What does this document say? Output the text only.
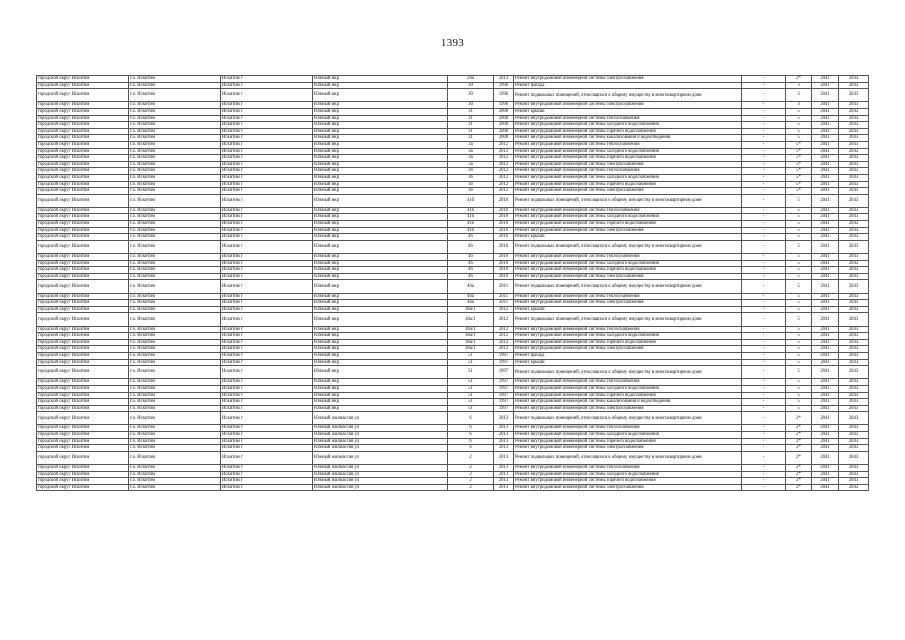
1393
городской округ Искитим	г.о. Искитим	Искитим г	Южный мкр	28а	2013	Ремонт внутридомовой инженерной системы электроснабжения	-	2*	2041	2043
городской округ Искитим	г.о. Искитим	Искитим г	Южный мкр	30	1996	Ремонт фасада	-	3	2041	2043
городской округ Искитим	г.о. Искитим	Искитим г	Южный мкр	30	1996	Ремонт подвальных помещений, относящихся к общему имуществу в многоквартирном доме	-	3	2041	2043
городской округ Искитим	г.о. Искитим	Искитим г	Южный мкр	30	1996	Ремонт внутридомовой инженерной системы электроснабжения	-	3	2041	2043
городской округ Искитим	г.о. Искитим	Искитим г	Южный мкр	31	2000	Ремонт крыши	-	5	2041	2043
городской округ Искитим	г.о. Искитим	Искитим г	Южный мкр	31	2000	Ремонт внутридомовой инженерной системы теплоснабжения	-	5	2041	2043
городской округ Искитим	г.о. Искитим	Искитим г	Южный мкр	31	2000	Ремонт внутридомовой инженерной системы холодного водоснабжения	-	5	2041	2043
городской округ Искитим	г.о. Искитим	Искитим г	Южный мкр	31	2000	Ремонт внутридомовой инженерной системы горячего водоснабжения	-	5	2041	2043
городской округ Искитим	г.о. Искитим	Искитим г	Южный мкр	31	2000	Ремонт внутридомовой инженерной системы канализования и водоотведения	-	5	2041	2043
городской округ Искитим	г.о. Искитим	Искитим г	Южный мкр	3а	2012	Ремонт внутридомовой инженерной системы теплоснабжения	-	5*	2041	2043
городской округ Искитим	г.о. Искитим	Искитим г	Южный мкр	3а	2012	Ремонт внутридомовой инженерной системы холодного водоснабжения	-	5*	2041	2043
городской округ Искитим	г.о. Искитим	Искитим г	Южный мкр	3а	2012	Ремонт внутридомовой инженерной системы горячего водоснабжения	-	5*	2041	2043
городской округ Искитим	г.о. Искитим	Искитим г	Южный мкр	3а	2012	Ремонт внутридомовой инженерной системы электроснабжения	-	5*	2041	2043
городской округ Искитим	г.о. Искитим	Искитим г	Южный мкр	3б	2012	Ремонт внутридомовой инженерной системы теплоснабжения	-	5*	2041	2043
городской округ Искитим	г.о. Искитим	Искитим г	Южный мкр	3б	2012	Ремонт внутридомовой инженерной системы холодного водоснабжения	-	5*	2041	2043
городской округ Искитим	г.о. Искитим	Искитим г	Южный мкр	3б	2012	Ремонт внутридомовой инженерной системы горячего водоснабжения	-	5*	2041	2043
городской округ Искитим	г.о. Искитим	Искитим г	Южный мкр	3б	2012	Ремонт внутридомовой инженерной системы электроснабжения	-	5*	2041	2043
городской округ Искитим	г.о. Искитим	Искитим г	Южный мкр	41б	2010	Ремонт подвальных помещений, относящихся к общему имуществу в многоквартирном доме	-	5	2041	2043
городской округ Искитим	г.о. Искитим	Искитим г	Южный мкр	41б	2010	Ремонт внутридомовой инженерной системы теплоснабжения	-	5	2041	2043
городской округ Искитим	г.о. Искитим	Искитим г	Южный мкр	41б	2010	Ремонт внутридомовой инженерной системы холодного водоснабжения	-	5	2041	2043
городской округ Искитим	г.о. Искитим	Искитим г	Южный мкр	41б	2010	Ремонт внутридомовой инженерной системы горячего водоснабжения	-	5	2041	2043
городской округ Искитим	г.о. Искитим	Искитим г	Южный мкр	41б	2010	Ремонт внутридомовой инженерной системы электроснабжения	-	5	2041	2043
городской округ Искитим	г.о. Искитим	Искитим г	Южный мкр	46	2010	Ремонт крыши	-	5	2041	2043
городской округ Искитим	г.о. Искитим	Искитим г	Южный мкр	46	2010	Ремонт подвальных помещений, относящихся к общему имуществу в многоквартирном доме	-	5	2041	2043
городской округ Искитим	г.о. Искитим	Искитим г	Южный мкр	46	2010	Ремонт внутридомовой инженерной системы теплоснабжения	-	5	2041	2043
городской округ Искитим	г.о. Искитим	Искитим г	Южный мкр	46	2010	Ремонт внутридомовой инженерной системы холодного водоснабжения	-	5	2041	2043
городской округ Искитим	г.о. Искитим	Искитим г	Южный мкр	46	2010	Ремонт внутридомовой инженерной системы горячего водоснабжения	-	5	2041	2043
городской округ Искитим	г.о. Искитим	Искитим г	Южный мкр	46	2010	Ремонт внутридомовой инженерной системы электроснабжения	-	5	2041	2043
городской округ Искитим	г.о. Искитим	Искитим г	Южный мкр	46а	2011	Ремонт подвальных помещений, относящихся к общему имуществу в многоквартирном доме	-	5	2041	2043
городской округ Искитим	г.о. Искитим	Искитим г	Южный мкр	46а	2011	Ремонт внутридомовой инженерной системы теплоснабжения	-	5	2041	2043
городской округ Искитим	г.о. Искитим	Искитим г	Южный мкр	46а	2011	Ремонт внутридомовой инженерной системы электроснабжения	-	5	2041	2043
городской округ Искитим	г.о. Искитим	Искитим г	Южный мкр	46а/1	2012	Ремонт крыши	-	5	2041	2043
городской округ Искитим	г.о. Искитим	Искитим г	Южный мкр	46а/1	2012	Ремонт подвальных помещений, относящихся к общему имуществу в многоквартирном доме	-	5	2041	2043
городской округ Искитим	г.о. Искитим	Искитим г	Южный мкр	46а/1	2012	Ремонт внутридомовой инженерной системы теплоснабжения	-	5	2041	2043
городской округ Искитим	г.о. Искитим	Искитим г	Южный мкр	46а/1	2012	Ремонт внутридомовой инженерной системы холодного водоснабжения	-	5	2041	2043
городской округ Искитим	г.о. Искитим	Искитим г	Южный мкр	46а/1	2012	Ремонт внутридомовой инженерной системы горячего водоснабжения	-	5	2041	2043
городской округ Искитим	г.о. Искитим	Искитим г	Южный мкр	46а/1	2012	Ремонт внутридомовой инженерной системы электроснабжения	-	5	2041	2043
городской округ Искитим	г.о. Искитим	Искитим г	Южный мкр	51	1997	Ремонт фасада	-	5	2041	2043
городской округ Искитим	г.о. Искитим	Искитим г	Южный мкр	51	1997	Ремонт крыши	-	5	2041	2043
городской округ Искитим	г.о. Искитим	Искитим г	Южный мкр	51	1997	Ремонт подвальных помещений, относящихся к общему имуществу в многоквартирном доме	-	5	2041	2043
городской округ Искитим	г.о. Искитим	Искитим г	Южный мкр	51	1997	Ремонт внутридомовой инженерной системы теплоснабжения	-	5	2041	2043
городской округ Искитим	г.о. Искитим	Искитим г	Южный мкр	51	1997	Ремонт внутридомовой инженерной системы холодного водоснабжения	-	5	2041	2043
городской округ Искитим	г.о. Искитим	Искитим г	Южный мкр	51	1997	Ремонт внутридомовой инженерной системы горячего водоснабжения	-	5	2041	2043
городской округ Искитим	г.о. Искитим	Искитим г	Южный мкр	51	1997	Ремонт внутридомовой инженерной системы канализования и водоотведения	-	5	2041	2043
городской округ Искитим	г.о. Искитим	Искитим г	Южный мкр	51	1997	Ремонт внутридомовой инженерной системы электроснабжения	-	5	2041	2043
городской округ Искитим	г.о. Искитим	Искитим г	Южный жилмассив ул	6	2013	Ремонт подвальных помещений, относящихся к общему имуществу в многоквартирном доме	-	2*	2041	2043
городской округ Искитим	г.о. Искитим	Искитим г	Южный жилмассив ул	6	2013	Ремонт внутридомовой инженерной системы теплоснабжения	-	2*	2041	2043
городской округ Искитим	г.о. Искитим	Искитим г	Южный жилмассив ул	6	2013	Ремонт внутридомовой инженерной системы холодного водоснабжения	-	2*	2041	2043
городской округ Искитим	г.о. Искитим	Искитим г	Южный жилмассив ул	6	2013	Ремонт внутридомовой инженерной системы горячего водоснабжения	-	2*	2041	2043
городской округ Искитим	г.о. Искитим	Искитим г	Южный жилмассив ул	6	2013	Ремонт внутридомовой инженерной системы электроснабжения	-	2*	2041	2043
городской округ Искитим	г.о. Искитим	Искитим г	Южный жилмассив ул	2	2013	Ремонт подвальных помещений, относящихся к общему имуществу в многоквартирном доме	-	2*	2041	2043
городской округ Искитим	г.о. Искитим	Искитим г	Южный жилмассив ул	2	2013	Ремонт внутридомовой инженерной системы теплоснабжения	-	2*	2041	2043
городской округ Искитим	г.о. Искитим	Искитим г	Южный жилмассив ул	2	2013	Ремонт внутридомовой инженерной системы холодного водоснабжения	-	2*	2041	2043
городской округ Искитим	г.о. Искитим	Искитим г	Южный жилмассив ул	2	2013	Ремонт внутридомовой инженерной системы горячего водоснабжения	-	2*	2041	2043
городской округ Искитим	г.о. Искитим	Искитим г	Южный жилмассив ул	2	2013	Ремонт внутридомовой инженерной системы электроснабжения	-	2*	2041	2043
